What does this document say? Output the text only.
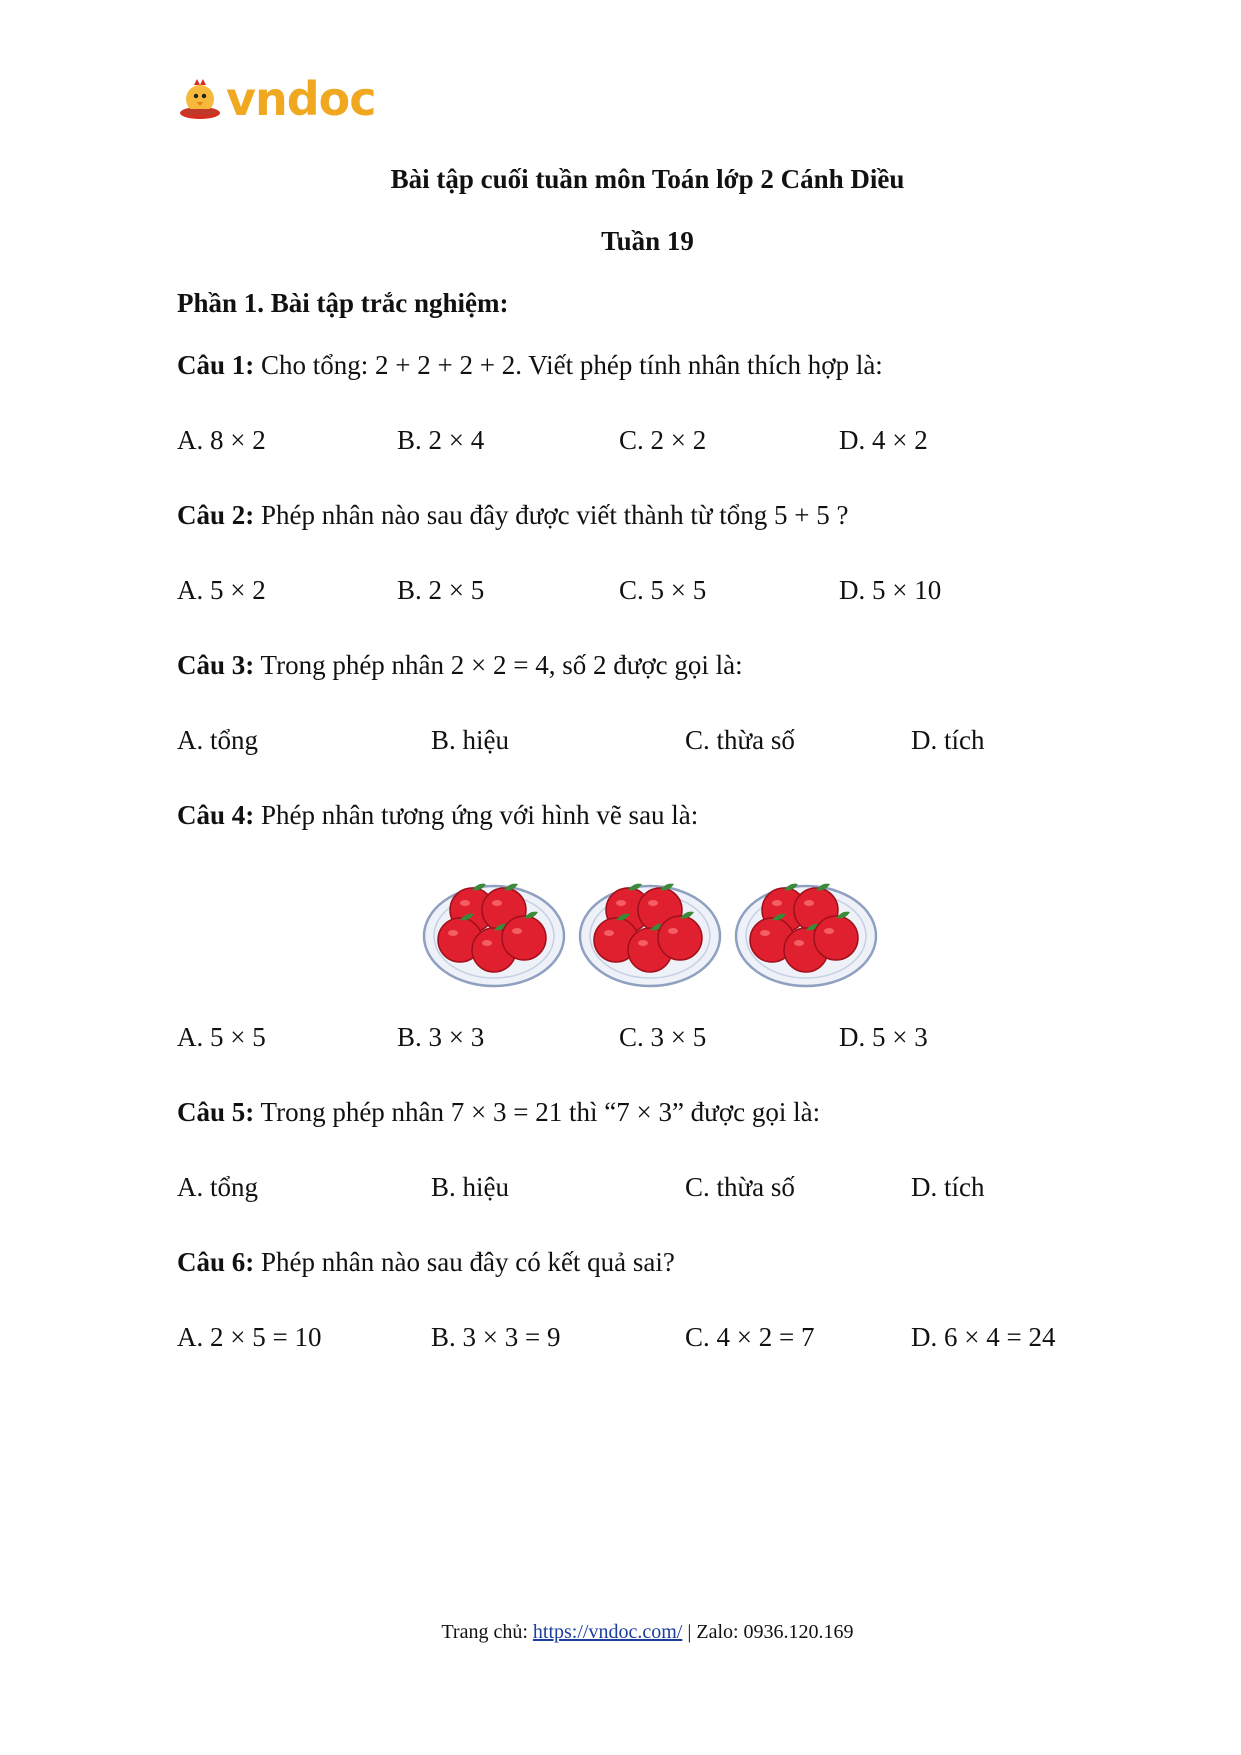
vndoc
Bài tập cuối tuần môn Toán lớp 2 Cánh Diều
Tuần 19
Phần 1. Bài tập trắc nghiệm:
Câu 1: Cho tổng: 2 + 2 + 2 + 2. Viết phép tính nhân thích hợp là:
A. 8 × 2	B. 2 × 4	C. 2 × 2	D. 4 × 2
Câu 2: Phép nhân nào sau đây được viết thành từ tổng 5 + 5 ?
A. 5 × 2	B. 2 × 5	C. 5 × 5	D. 5 × 10
Câu 3: Trong phép nhân 2 × 2 = 4, số 2 được gọi là:
A. tổng	B. hiệu	C. thừa số	D. tích
Câu 4: Phép nhân tương ứng với hình vẽ sau là:
A. 5 × 5	B. 3 × 3	C. 3 × 5	D. 5 × 3
Câu 5: Trong phép nhân 7 × 3 = 21 thì “7 × 3” được gọi là:
A. tổng	B. hiệu	C. thừa số	D. tích
Câu 6: Phép nhân nào sau đây có kết quả sai?
A. 2 × 5 = 10	B. 3 × 3 = 9	C. 4 × 2 = 7	D. 6 × 4 = 24
Trang chủ: https://vndoc.com/ | Zalo: 0936.120.169
